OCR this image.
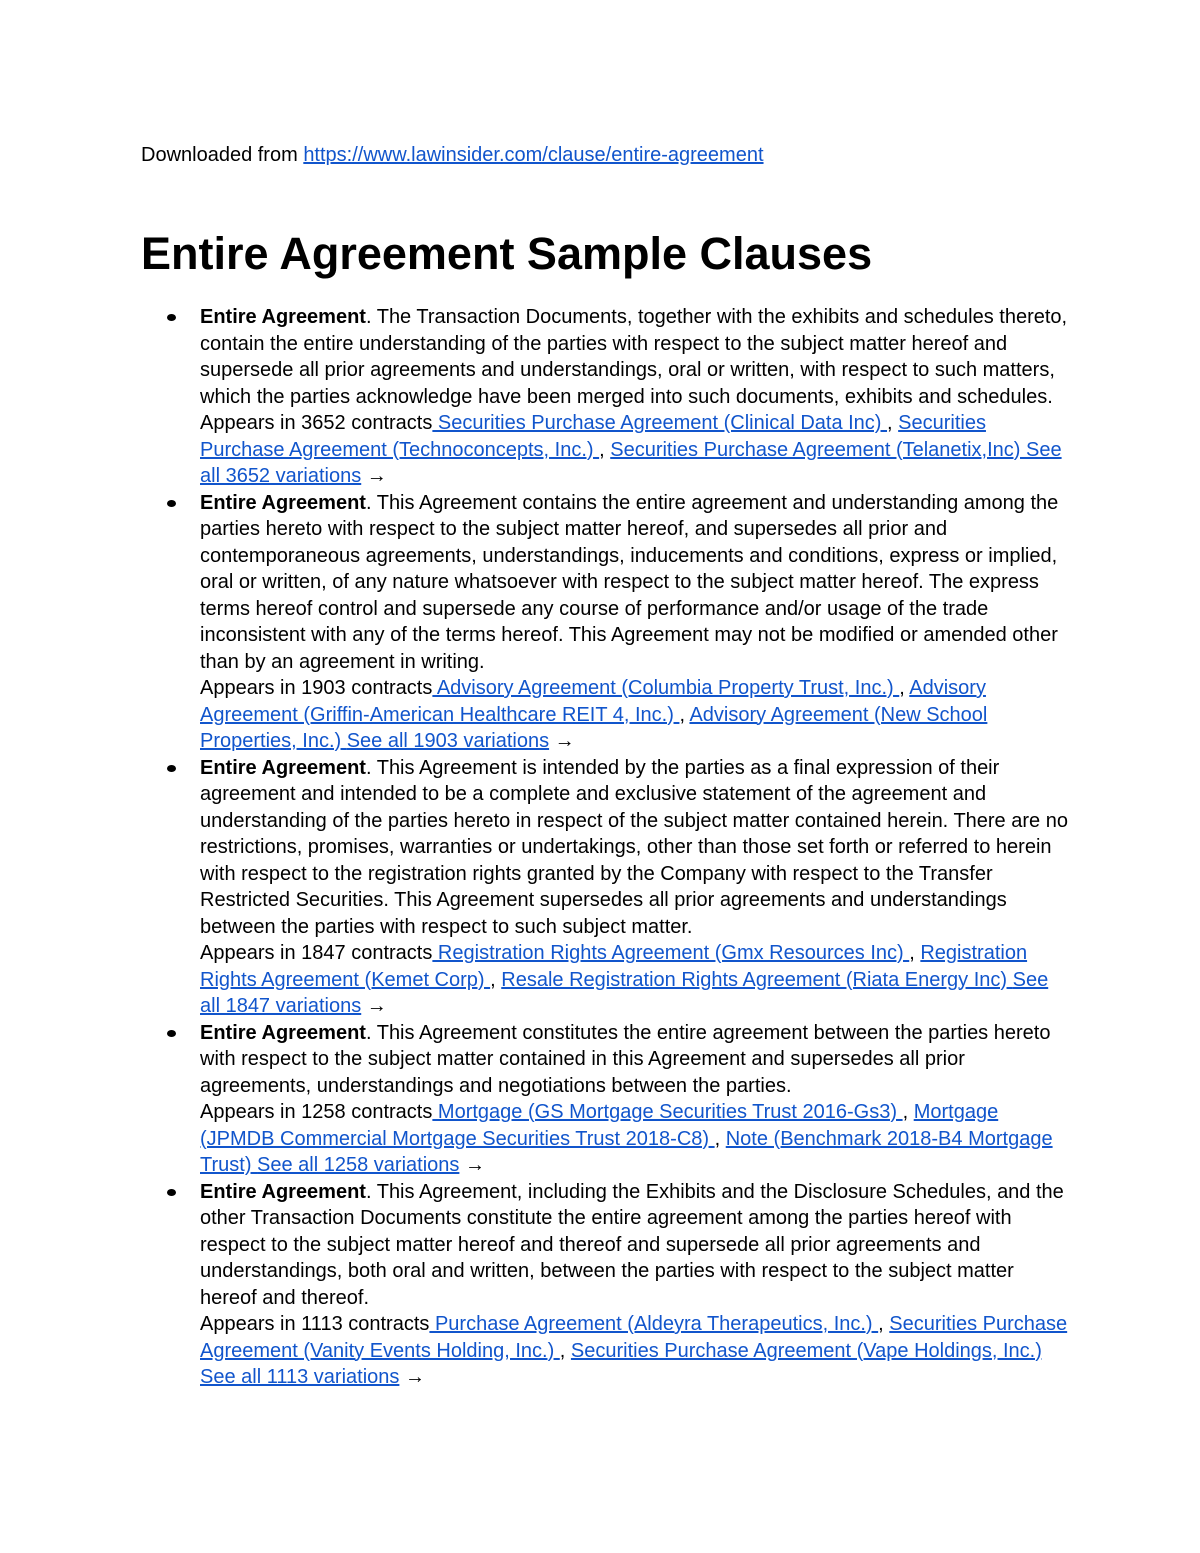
Downloaded from https://www.lawinsider.com/clause/entire-agreement

Entire Agreement Sample Clauses
Entire Agreement. The Transaction Documents, together with the exhibits and schedules thereto, contain the entire understanding of the parties with respect to the subject matter hereof and supersede all prior agreements and understandings, oral or written, with respect to such matters, which the parties acknowledge have been merged into such documents, exhibits and schedules.
Appears in 3652 contracts Securities Purchase Agreement (Clinical Data Inc) , Securities Purchase Agreement (Technoconcepts, Inc.) , Securities Purchase Agreement (Telanetix,Inc) See all 3652 variations →
Entire Agreement. This Agreement contains the entire agreement and understanding among the parties hereto with respect to the subject matter hereof, and supersedes all prior and contemporaneous agreements, understandings, inducements and conditions, express or implied, oral or written, of any nature whatsoever with respect to the subject matter hereof. The express terms hereof control and supersede any course of performance and/or usage of the trade inconsistent with any of the terms hereof. This Agreement may not be modified or amended other than by an agreement in writing.
Appears in 1903 contracts Advisory Agreement (Columbia Property Trust, Inc.) , Advisory Agreement (Griffin-American Healthcare REIT 4, Inc.) , Advisory Agreement (New School Properties, Inc.) See all 1903 variations →
Entire Agreement. This Agreement is intended by the parties as a final expression of their agreement and intended to be a complete and exclusive statement of the agreement and understanding of the parties hereto in respect of the subject matter contained herein. There are no restrictions, promises, warranties or undertakings, other than those set forth or referred to herein with respect to the registration rights granted by the Company with respect to the Transfer Restricted Securities. This Agreement supersedes all prior agreements and understandings between the parties with respect to such subject matter.
Appears in 1847 contracts Registration Rights Agreement (Gmx Resources Inc) , Registration Rights Agreement (Kemet Corp) , Resale Registration Rights Agreement (Riata Energy Inc) See all 1847 variations →
Entire Agreement. This Agreement constitutes the entire agreement between the parties hereto with respect to the subject matter contained in this Agreement and supersedes all prior agreements, understandings and negotiations between the parties.
Appears in 1258 contracts Mortgage (GS Mortgage Securities Trust 2016-Gs3) , Mortgage (JPMDB Commercial Mortgage Securities Trust 2018-C8) , Note (Benchmark 2018-B4 Mortgage Trust) See all 1258 variations →
Entire Agreement. This Agreement, including the Exhibits and the Disclosure Schedules, and the other Transaction Documents constitute the entire agreement among the parties hereof with respect to the subject matter hereof and thereof and supersede all prior agreements and understandings, both oral and written, between the parties with respect to the subject matter hereof and thereof.
Appears in 1113 contracts Purchase Agreement (Aldeyra Therapeutics, Inc.) , Securities Purchase Agreement (Vanity Events Holding, Inc.) , Securities Purchase Agreement (Vape Holdings, Inc.) See all 1113 variations →
